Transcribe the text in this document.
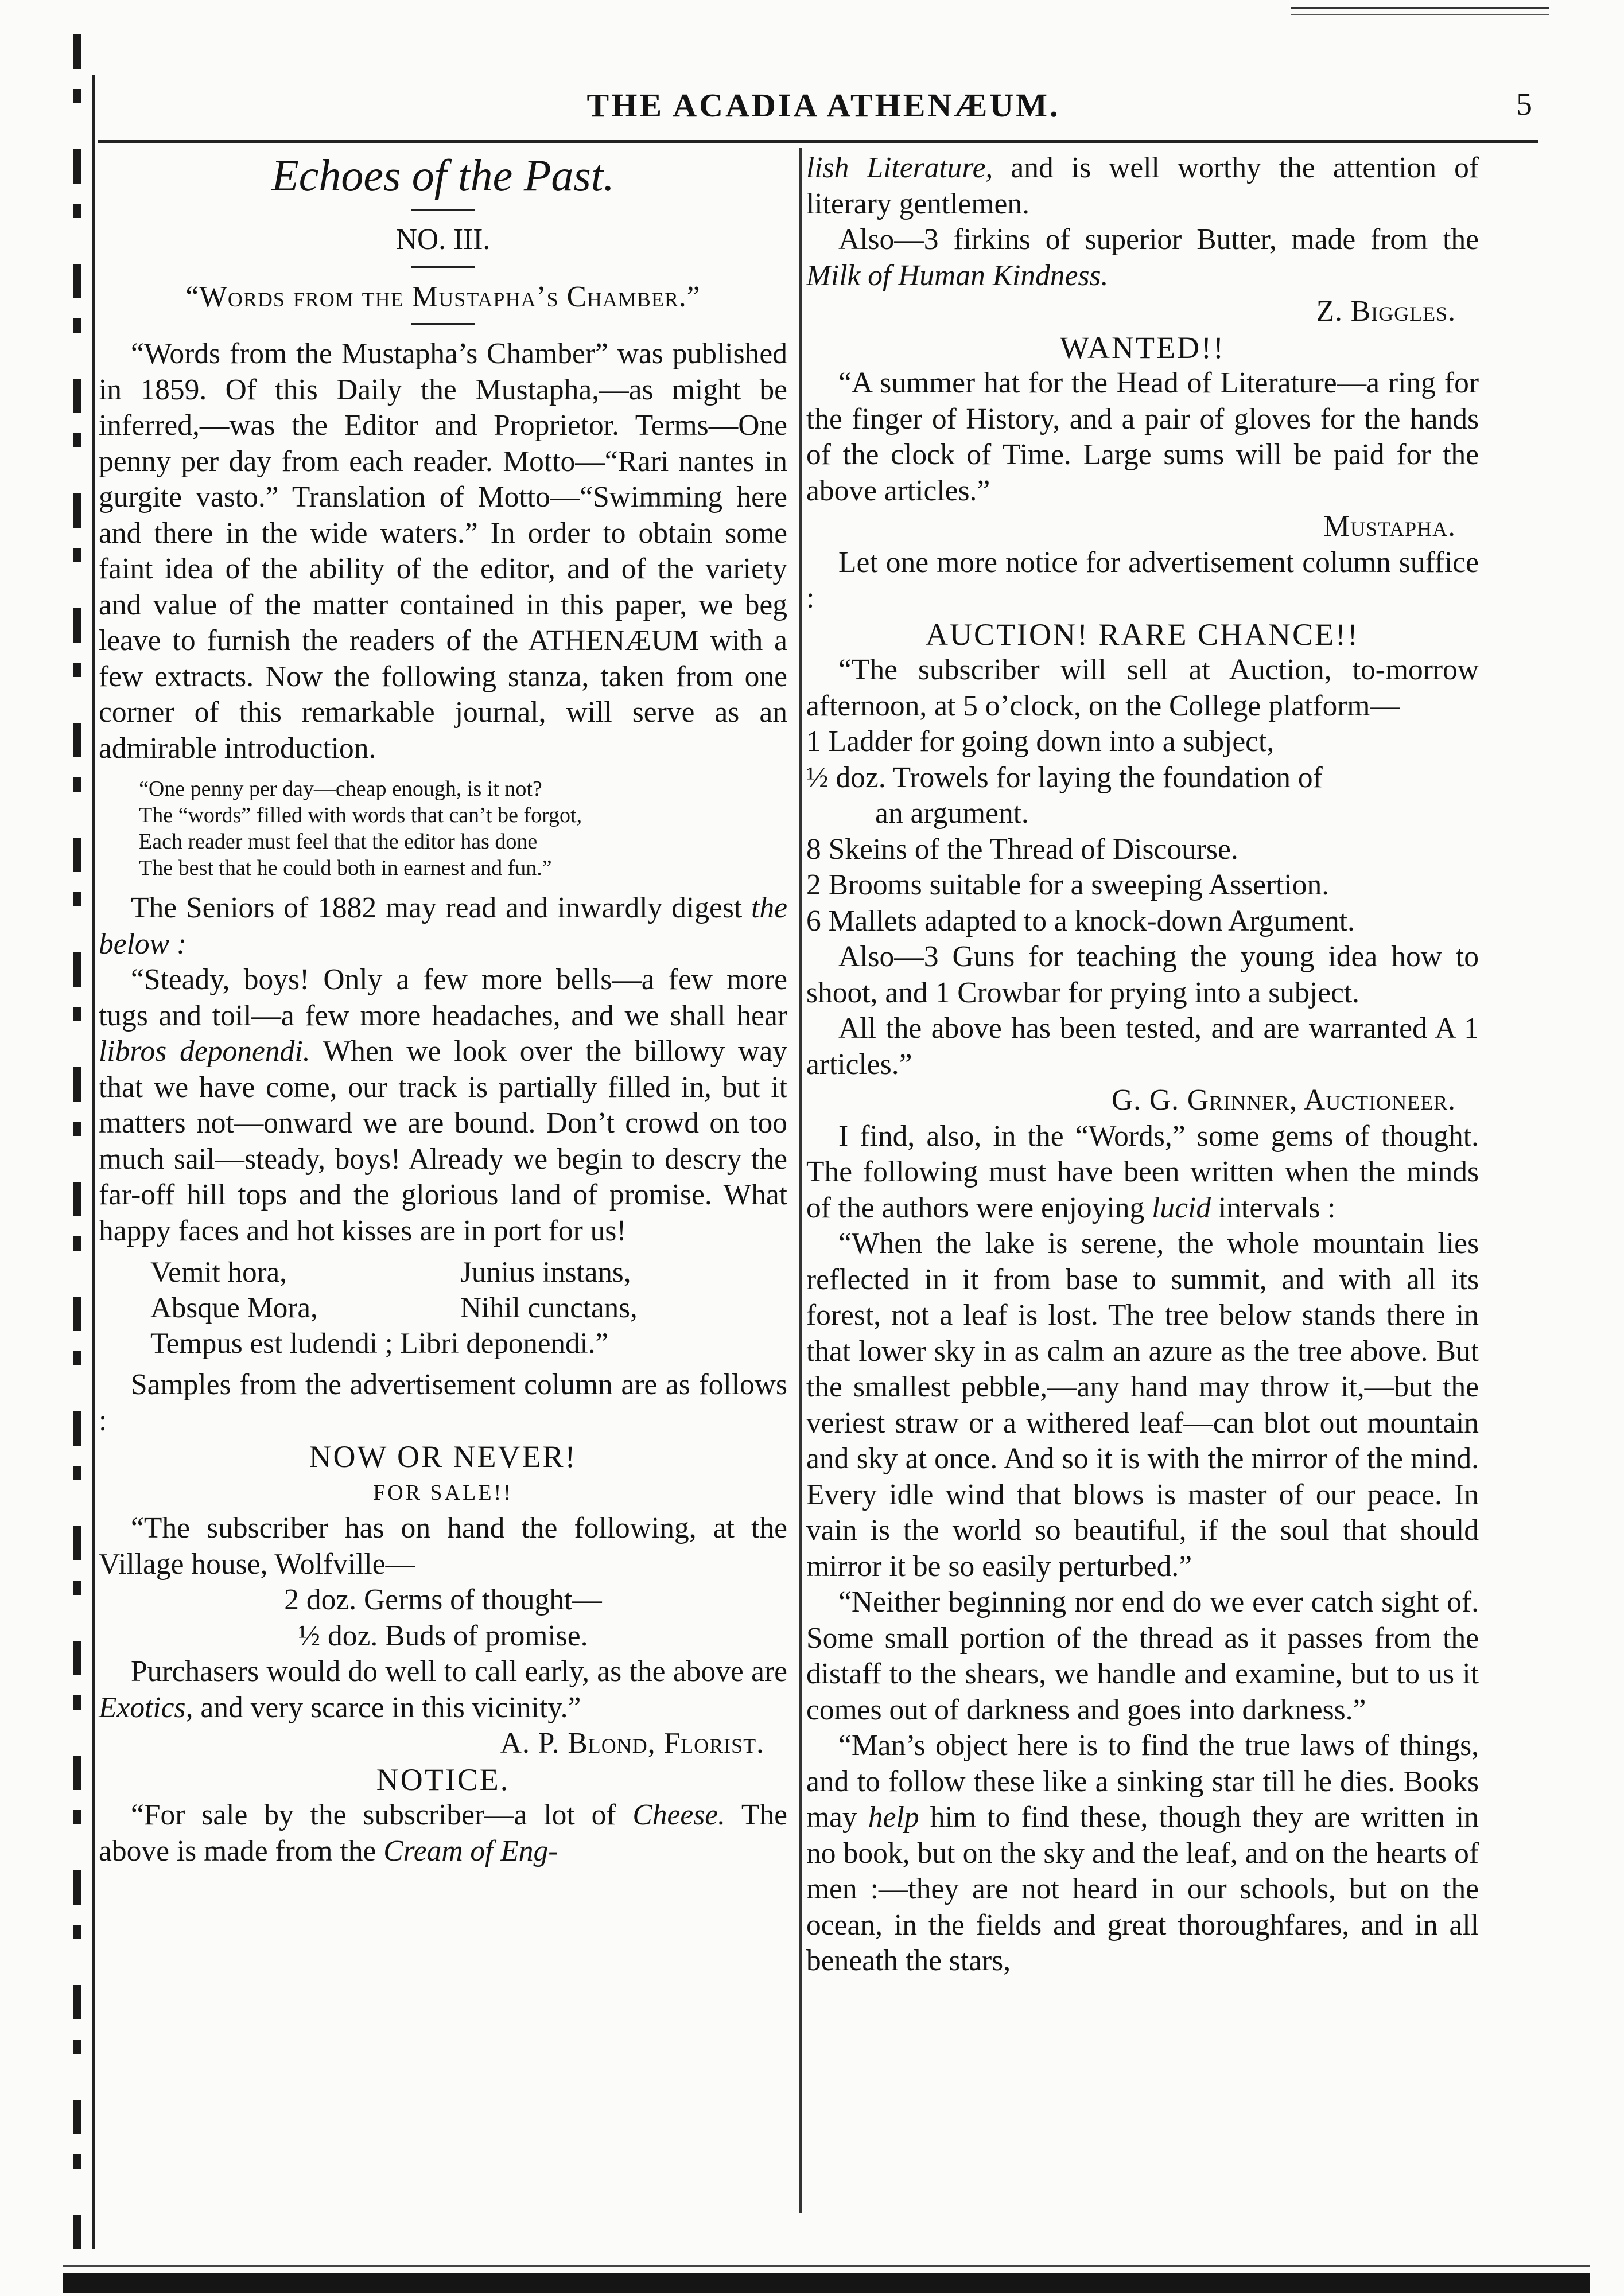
THE ACADIA ATHENÆUM.	5

Echoes of the Past.

NO. III.

“Words from the Mustapha’s Chamber.”

“Words from the Mustapha’s Chamber” was published in 1859. Of this Daily the Mustapha,—as might be inferred,—was the Editor and Proprietor. Terms—One penny per day from each reader. Motto—“Rari nantes in gurgite vasto.” Translation of Motto—“Swimming here and there in the wide waters.” In order to obtain some faint idea of the ability of the editor, and of the variety and value of the matter contained in this paper, we beg leave to furnish the readers of the ATHENÆUM with a few extracts. Now the following stanza, taken from one corner of this remarkable journal, will serve as an admirable introduction.

“One penny per day—cheap enough, is it not?

The “words” filled with words that can’t be forgot,

Each reader must feel that the editor has done

The best that he could both in earnest and fun.”

The Seniors of 1882 may read and inwardly digest the below :

“Steady, boys! Only a few more bells—a few more tugs and toil—a few more headaches, and we shall hear libros deponendi. When we look over the billowy way that we have come, our track is partially filled in, but it matters not—onward we are bound. Don’t crowd on too much sail—steady, boys! Already we begin to descry the far-off hill tops and the glorious land of promise. What happy faces and hot kisses are in port for us!

Vemit hora,	Junius instans,
Absque Mora,	Nihil cunctans,
Tempus est ludendi ; Libri deponendi.”

Samples from the advertisement column are as follows :

NOW OR NEVER!

FOR SALE!!

“The subscriber has on hand the following, at the Village house, Wolfville—

2 doz. Germs of thought—

½ doz. Buds of promise.

Purchasers would do well to call early, as the above are Exotics, and very scarce in this vicinity.”

A. P. Blond, Florist.

NOTICE.

“For sale by the subscriber—a lot of Cheese. The above is made from the Cream of Eng-

lish Literature, and is well worthy the attention of literary gentlemen.

Also—3 firkins of superior Butter, made from the Milk of Human Kindness.

Z. Biggles.

WANTED!!

“A summer hat for the Head of Literature—a ring for the finger of History, and a pair of gloves for the hands of the clock of Time. Large sums will be paid for the above articles.”

Mustapha.

Let one more notice for advertisement column suffice :

AUCTION! RARE CHANCE!!

“The subscriber will sell at Auction, to-morrow afternoon, at 5 o’clock, on the College platform—

1 Ladder for going down into a subject,

½ doz. Trowels for laying the foundation of

an argument.

8 Skeins of the Thread of Discourse.

2 Brooms suitable for a sweeping Assertion.

6 Mallets adapted to a knock-down Argument.

Also—3 Guns for teaching the young idea how to shoot, and 1 Crowbar for prying into a subject.

All the above has been tested, and are warranted A 1 articles.”

G. G. Grinner, Auctioneer.

I find, also, in the “Words,” some gems of thought. The following must have been written when the minds of the authors were enjoying lucid intervals :

“When the lake is serene, the whole mountain lies reflected in it from base to summit, and with all its forest, not a leaf is lost. The tree below stands there in that lower sky in as calm an azure as the tree above. But the smallest pebble,—any hand may throw it,—but the veriest straw or a withered leaf—can blot out mountain and sky at once. And so it is with the mirror of the mind. Every idle wind that blows is master of our peace. In vain is the world so beautiful, if the soul that should mirror it be so easily perturbed.”

“Neither beginning nor end do we ever catch sight of. Some small portion of the thread as it passes from the distaff to the shears, we handle and examine, but to us it comes out of darkness and goes into darkness.”

“Man’s object here is to find the true laws of things, and to follow these like a sinking star till he dies. Books may help him to find these, though they are written in no book, but on the sky and the leaf, and on the hearts of men :—they are not heard in our schools, but on the ocean, in the fields and great thoroughfares, and in all beneath the stars,
